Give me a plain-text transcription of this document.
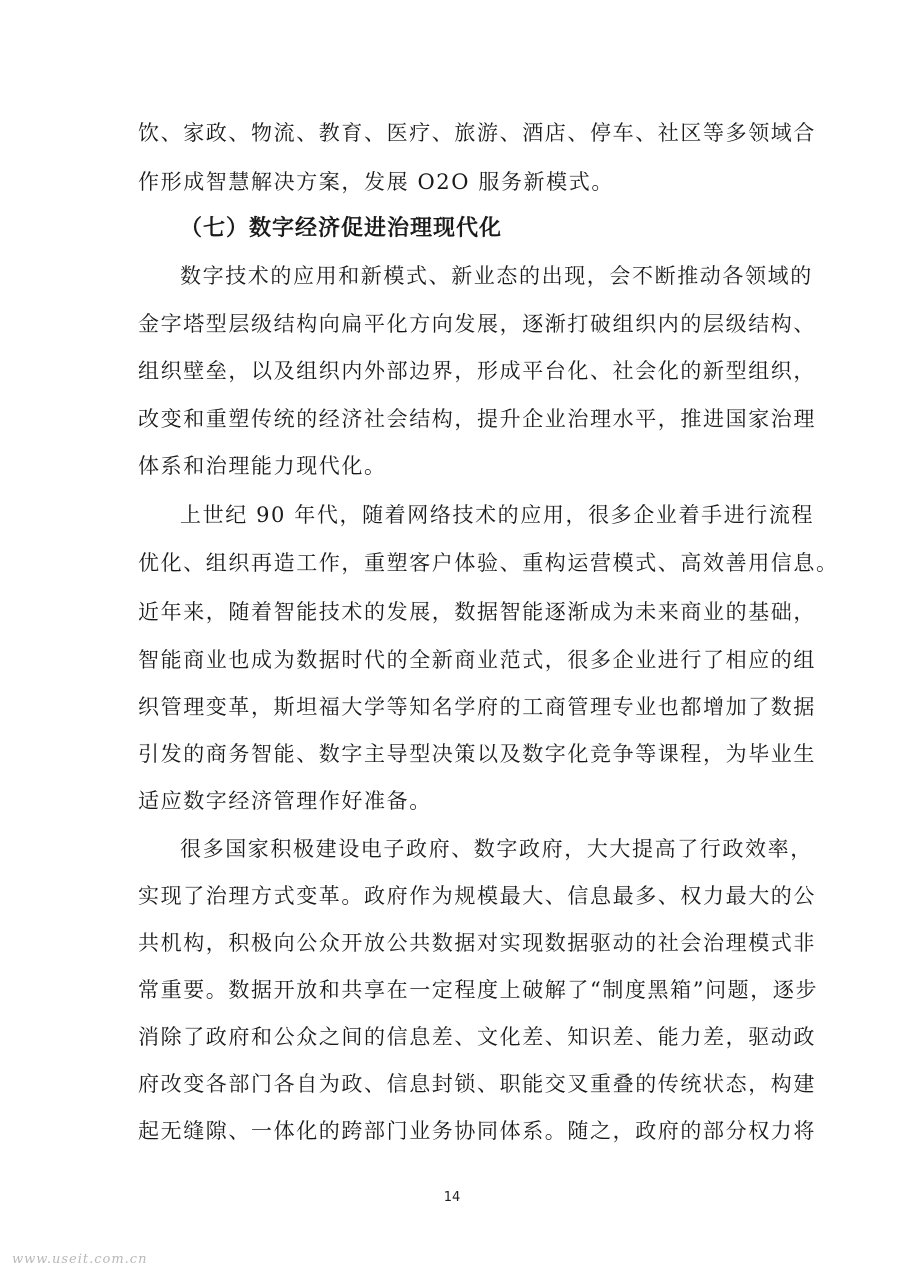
饮、家政、物流、教育、医疗、旅游、酒店、停车、社区等多领域合
作形成智慧解决方案，发展 O2O 服务新模式。
（七）数字经济促进治理现代化
数字技术的应用和新模式、新业态的出现，会不断推动各领域的
金字塔型层级结构向扁平化方向发展，逐渐打破组织内的层级结构、
组织壁垒，以及组织内外部边界，形成平台化、社会化的新型组织，
改变和重塑传统的经济社会结构，提升企业治理水平，推进国家治理
体系和治理能力现代化。
上世纪 90 年代，随着网络技术的应用，很多企业着手进行流程
优化、组织再造工作，重塑客户体验、重构运营模式、高效善用信息。
近年来，随着智能技术的发展，数据智能逐渐成为未来商业的基础，
智能商业也成为数据时代的全新商业范式，很多企业进行了相应的组
织管理变革，斯坦福大学等知名学府的工商管理专业也都增加了数据
引发的商务智能、数字主导型决策以及数字化竞争等课程，为毕业生
适应数字经济管理作好准备。
很多国家积极建设电子政府、数字政府，大大提高了行政效率，
实现了治理方式变革。政府作为规模最大、信息最多、权力最大的公
共机构，积极向公众开放公共数据对实现数据驱动的社会治理模式非
常重要。数据开放和共享在一定程度上破解了“制度黑箱”问题，逐步
消除了政府和公众之间的信息差、文化差、知识差、能力差，驱动政
府改变各部门各自为政、信息封锁、职能交叉重叠的传统状态，构建
起无缝隙、一体化的跨部门业务协同体系。随之，政府的部分权力将
14
www.useit.com.cn
